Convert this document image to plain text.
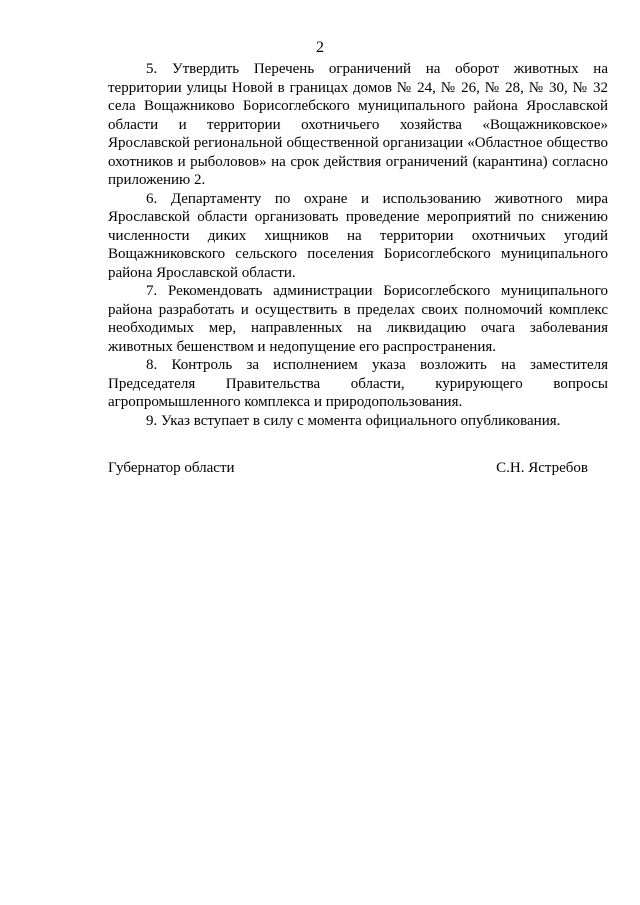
2

5. Утвердить Перечень ограничений на оборот животных на территории улицы Новой в границах домов № 24, № 26, № 28, № 30, № 32 села Вощажниково Борисоглебского муниципального района Ярославской области и территории охотничьего хозяйства «Вощажниковское» Ярославской региональной общественной организации «Областное общество охотников и рыболовов» на срок действия ограничений (карантина) согласно приложению 2.

6. Департаменту по охране и использованию животного мира Ярославской области организовать проведение мероприятий по снижению численности диких хищников на территории охотничьих угодий Вощажниковского сельского поселения Борисоглебского муниципального района Ярославской области.

7. Рекомендовать администрации Борисоглебского муниципального района разработать и осуществить в пределах своих полномочий комплекс необходимых мер, направленных на ликвидацию очага заболевания животных бешенством и недопущение его распространения.

8. Контроль за исполнением указа возложить на заместителя Председателя Правительства области, курирующего вопросы агропромышленного комплекса и природопользования.

9. Указ вступает в силу с момента официального опубликования.

Губернатор области	С.Н. Ястребов
